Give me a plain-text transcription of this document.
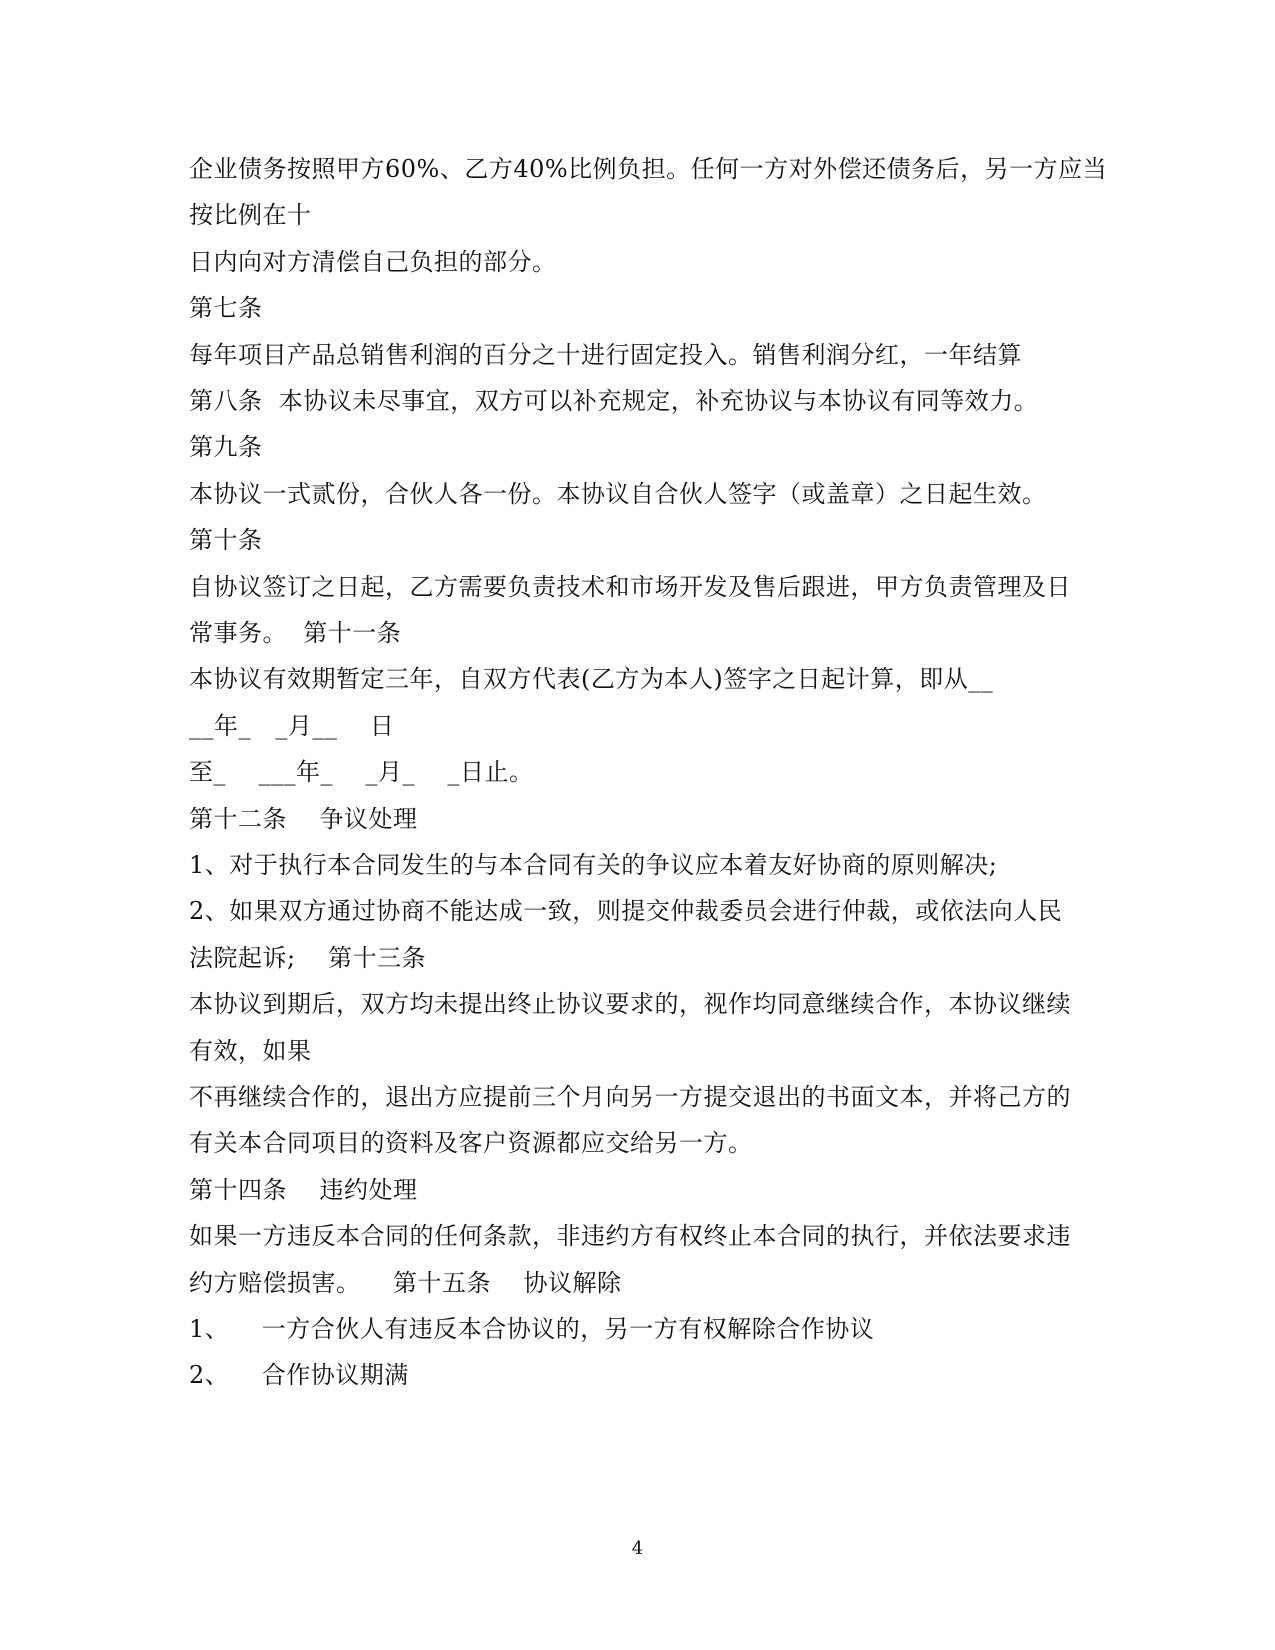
企业债务按照甲方60%、乙方40%比例负担。任何一方对外偿还债务后，另一方应当
按比例在十
日内向对方清偿自己负担的部分。
第七条
每年项目产品总销售利润的百分之十进行固定投入。销售利润分红，一年结算
第八条  本协议未尽事宜，双方可以补充规定，补充协议与本协议有同等效力。
第九条
本协议一式贰份，合伙人各一份。本协议自合伙人签字（或盖章）之日起生效。
第十条
自协议签订之日起，乙方需要负责技术和市场开发及售后跟进，甲方负责管理及日
常事务。  第十一条
本协议有效期暂定三年，自双方代表(乙方为本人)签字之日起计算，即从__
__年_   _月__    日
至_    ___年_    _月_    _日止。
第十二条    争议处理
1、对于执行本合同发生的与本合同有关的争议应本着友好协商的原则解决;
2、如果双方通过协商不能达成一致，则提交仲裁委员会进行仲裁，或依法向人民
法院起诉;    第十三条
本协议到期后，双方均未提出终止协议要求的，视作均同意继续合作，本协议继续
有效，如果
不再继续合作的，退出方应提前三个月向另一方提交退出的书面文本，并将己方的
有关本合同项目的资料及客户资源都应交给另一方。
第十四条    违约处理
如果一方违反本合同的任何条款，非违约方有权终止本合同的执行，并依法要求违
约方赔偿损害。    第十五条    协议解除
1、    一方合伙人有违反本合协议的，另一方有权解除合作协议
2、    合作协议期满
4
